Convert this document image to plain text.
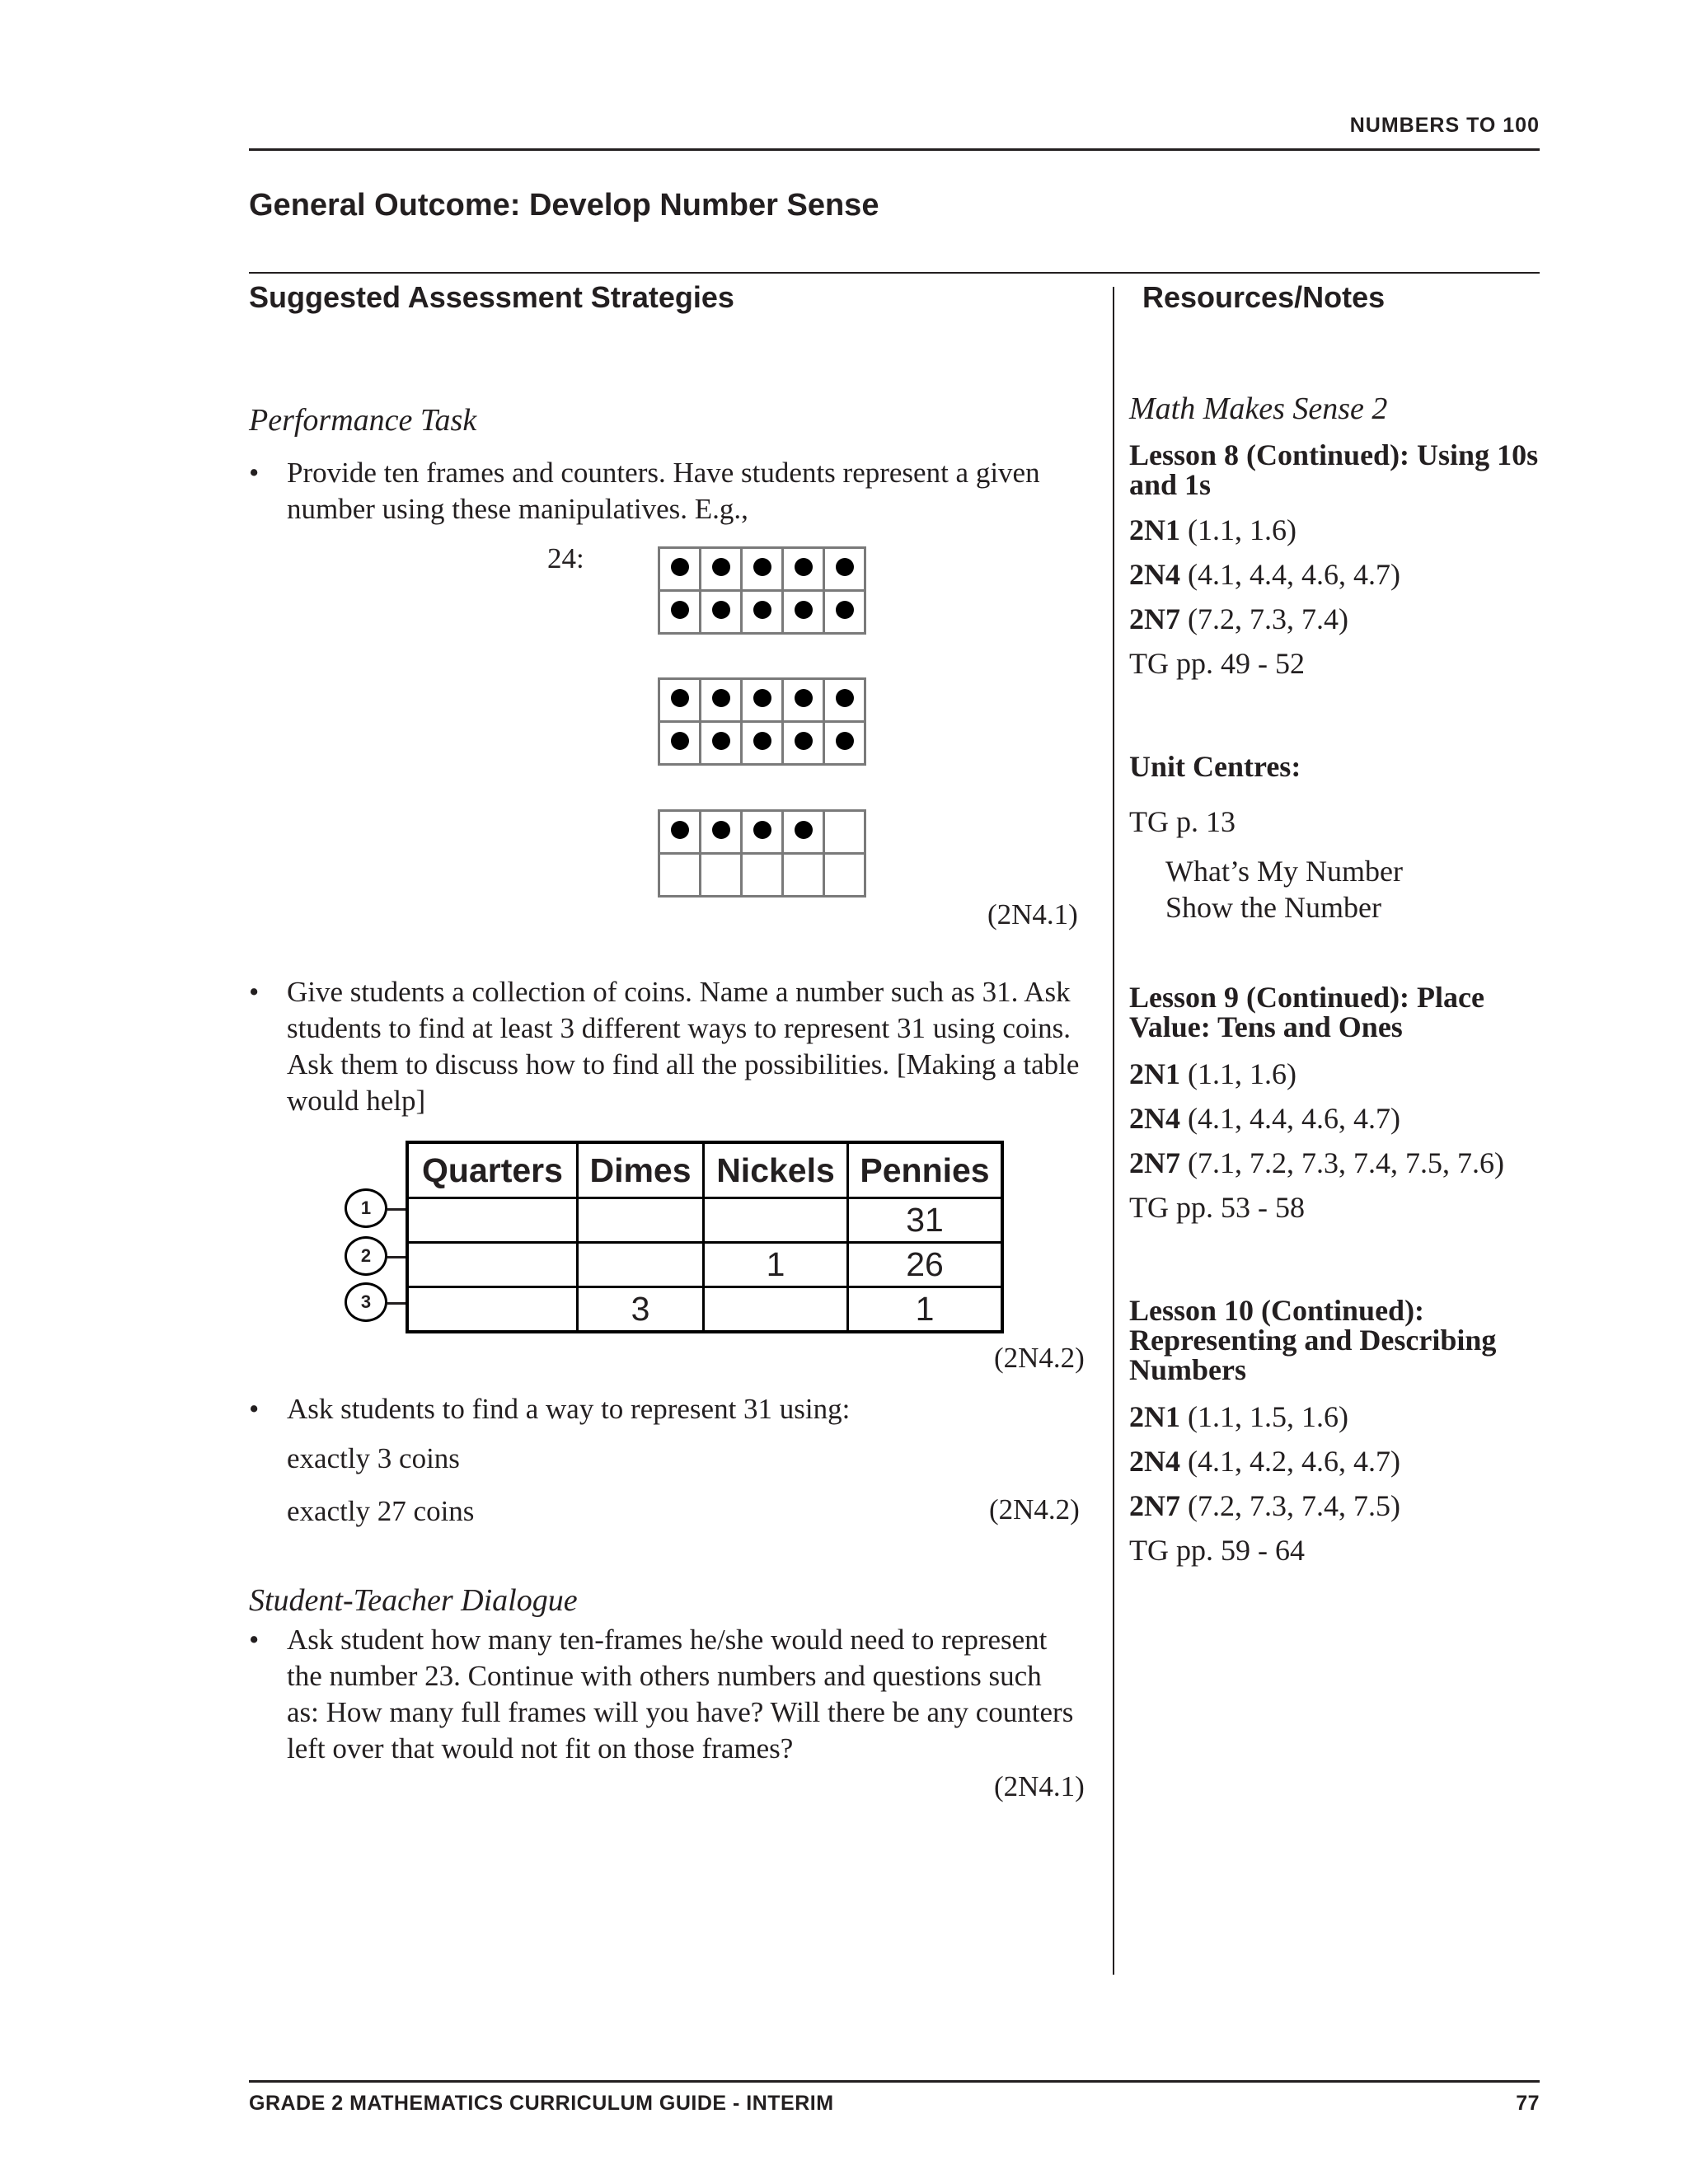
NUMBERS TO 100
General Outcome: Develop Number Sense
Suggested Assessment Strategies	Resources/Notes
Performance Task
• Provide ten frames and counters. Have students represent a given
number using these manipulatives. E.g.,
24:

(2N4.1)
• Give students a collection of coins. Name a number such as 31. Ask
students to find at least 3 different ways to represent 31 using coins.
Ask them to discuss how to find all the possibilities. [Making a table
would help]
1
2
3
Quarters	Dimes	Nickels	Pennies
			31
		1	26
	3		1
(2N4.2)
• Ask students to find a way to represent 31 using:
exactly 3 coins
exactly 27 coins	(2N4.2)
Student-Teacher Dialogue
• Ask student how many ten-frames he/she would need to represent
the number 23. Continue with others numbers and questions such
as: How many full frames will you have? Will there be any counters
left over that would not fit on those frames?
(2N4.1)
Math Makes Sense 2
Lesson 8 (Continued): Using 10s
and 1s
2N1 (1.1, 1.6)
2N4 (4.1, 4.4, 4.6, 4.7)
2N7 (7.2, 7.3, 7.4)
TG pp. 49 - 52
Unit Centres:
TG p. 13
What’s My Number
Show the Number
Lesson 9 (Continued): Place
Value: Tens and Ones
2N1 (1.1, 1.6)
2N4 (4.1, 4.4, 4.6, 4.7)
2N7 (7.1, 7.2, 7.3, 7.4, 7.5, 7.6)
TG pp. 53 - 58
Lesson 10 (Continued):
Representing and Describing
Numbers
2N1 (1.1, 1.5, 1.6)
2N4 (4.1, 4.2, 4.6, 4.7)
2N7 (7.2, 7.3, 7.4, 7.5)
TG pp. 59 - 64
GRADE 2 MATHEMATICS CURRICULUM GUIDE - INTERIM	77
